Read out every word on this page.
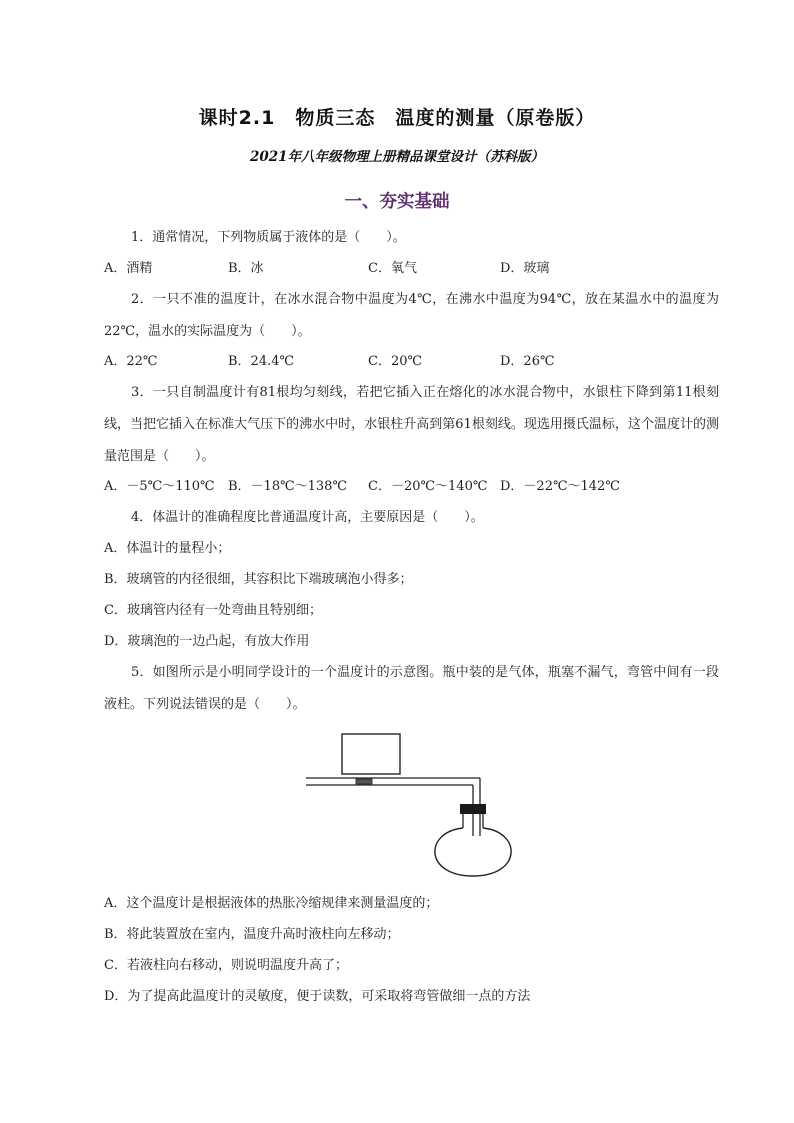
课时2.1　物质三态　温度的测量（原卷版）
2021年八年级物理上册精品课堂设计（苏科版）
一、夯实基础
1．通常情况，下列物质属于液体的是（　　）。
A．酒精	B．冰	C．氧气	D．玻璃
2．一只不准的温度计，在冰水混合物中温度为4℃，在沸水中温度为94℃，放在某温水中的温度为22℃，温水的实际温度为（　　）。
A．22℃	B．24.4℃	C．20℃	D．26℃
3．一只自制温度计有81根均匀刻线，若把它插入正在熔化的冰水混合物中，水银柱下降到第11根刻线，当把它插入在标准大气压下的沸水中时，水银柱升高到第61根刻线。现选用摄氏温标，这个温度计的测量范围是（　　）。
A．－5℃～110℃ B．－18℃～138℃ C．－20℃～140℃ D．－22℃～142℃
4．体温计的准确程度比普通温度计高，主要原因是（　　）。
A．体温计的量程小；
B．玻璃管的内径很细，其容积比下端玻璃泡小得多；
C．玻璃管内径有一处弯曲且特别细；
D．玻璃泡的一边凸起，有放大作用
5．如图所示是小明同学设计的一个温度计的示意图。瓶中装的是气体，瓶塞不漏气，弯管中间有一段液柱。下列说法错误的是（　　）。
A．这个温度计是根据液体的热胀冷缩规律来测量温度的；
B．将此装置放在室内，温度升高时液柱向左移动；
C．若液柱向右移动，则说明温度升高了；
D．为了提高此温度计的灵敏度，便于读数，可采取将弯管做细一点的方法
